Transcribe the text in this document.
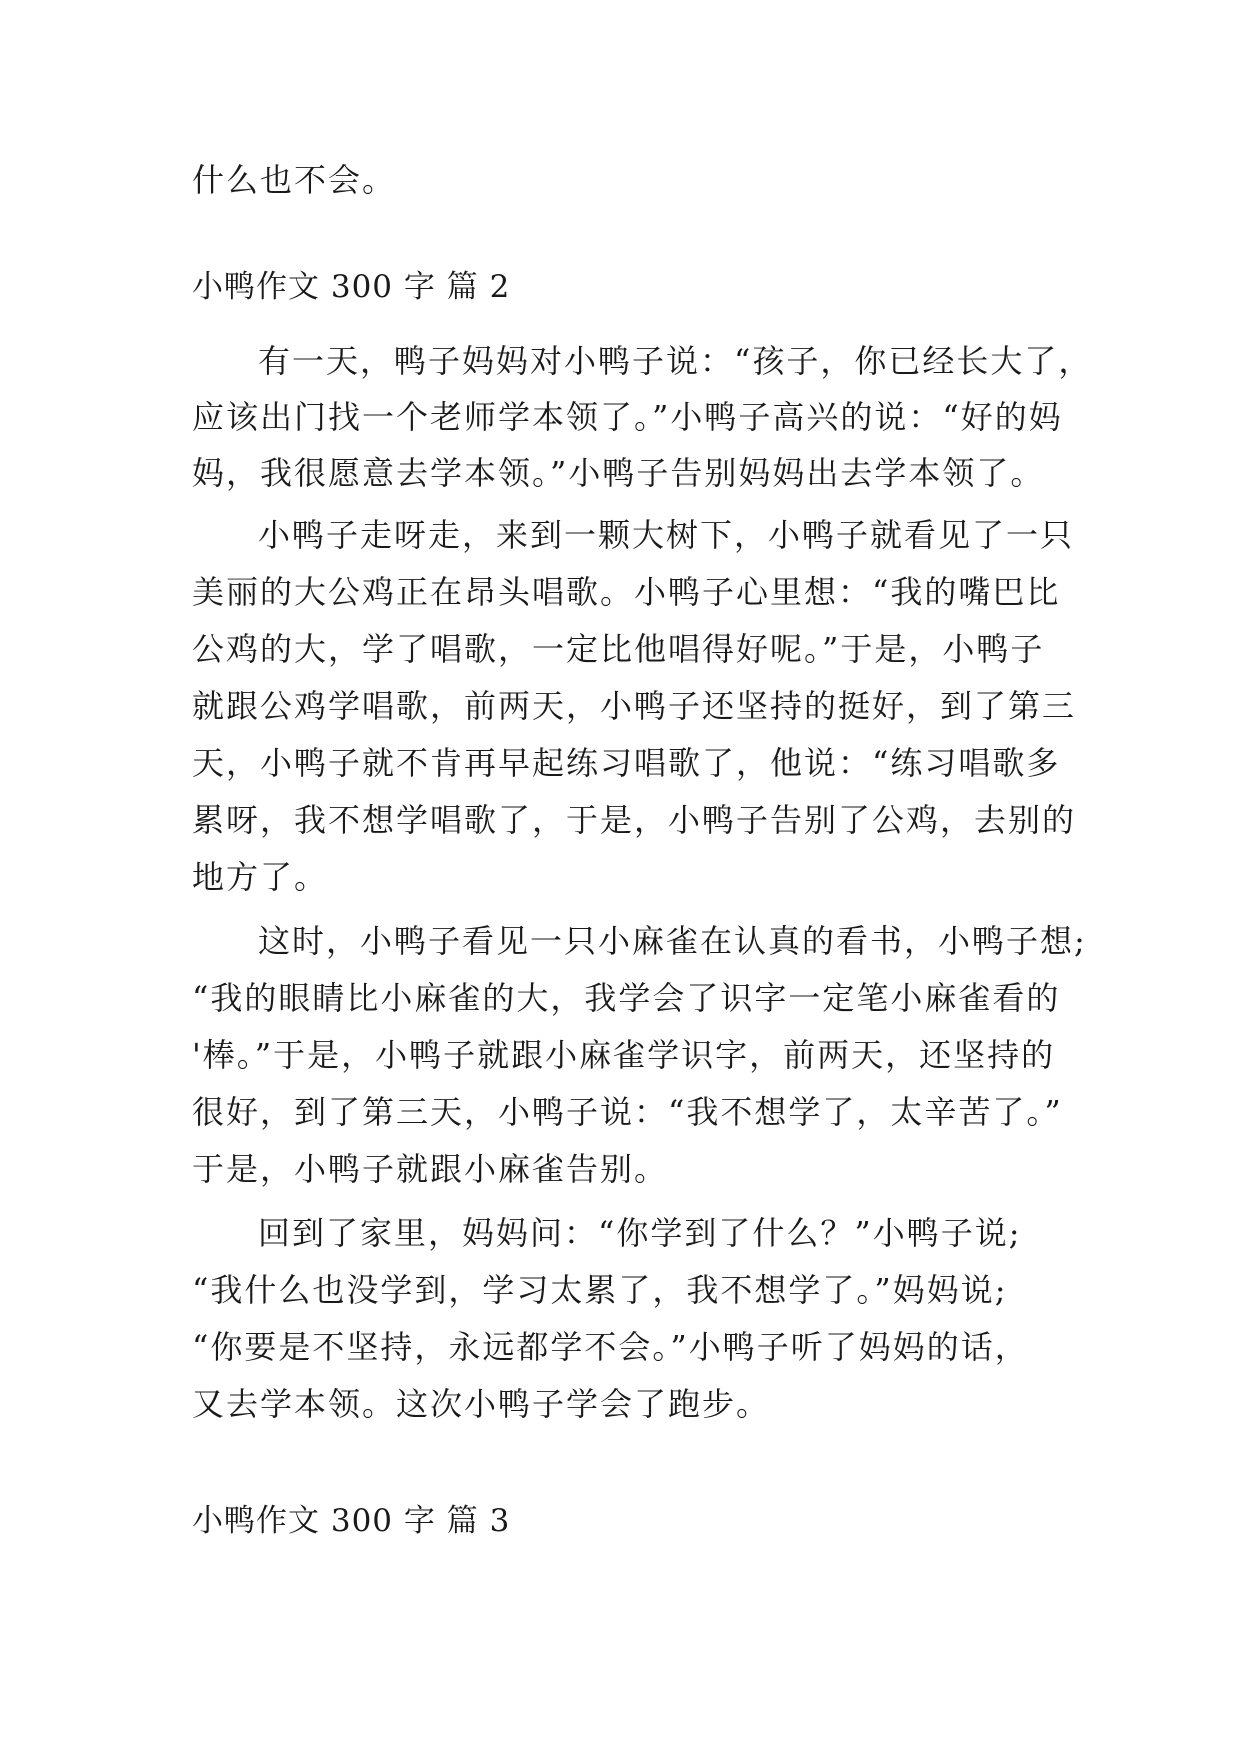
什么也不会。
小鸭作文 300 字 篇 2
有一天，鸭子妈妈对小鸭子说：“孩子，你已经长大了，
应该出门找一个老师学本领了。”小鸭子高兴的说：“好的妈
妈，我很愿意去学本领。”小鸭子告别妈妈出去学本领了。
小鸭子走呀走，来到一颗大树下，小鸭子就看见了一只
美丽的大公鸡正在昂头唱歌。小鸭子心里想：“我的嘴巴比
公鸡的大，学了唱歌，一定比他唱得好呢。”于是，小鸭子
就跟公鸡学唱歌，前两天，小鸭子还坚持的挺好，到了第三
天，小鸭子就不肯再早起练习唱歌了，他说：“练习唱歌多
累呀，我不想学唱歌了，于是，小鸭子告别了公鸡，去别的
地方了。
这时，小鸭子看见一只小麻雀在认真的看书，小鸭子想;
“我的眼睛比小麻雀的大，我学会了识字一定笔小麻雀看的
'棒。”于是，小鸭子就跟小麻雀学识字，前两天，还坚持的
很好，到了第三天，小鸭子说：“我不想学了，太辛苦了。”
于是，小鸭子就跟小麻雀告别。
回到了家里，妈妈问：“你学到了什么？”小鸭子说;
“我什么也没学到，学习太累了，我不想学了。”妈妈说;
“你要是不坚持，永远都学不会。”小鸭子听了妈妈的话，
又去学本领。这次小鸭子学会了跑步。
小鸭作文 300 字 篇 3
